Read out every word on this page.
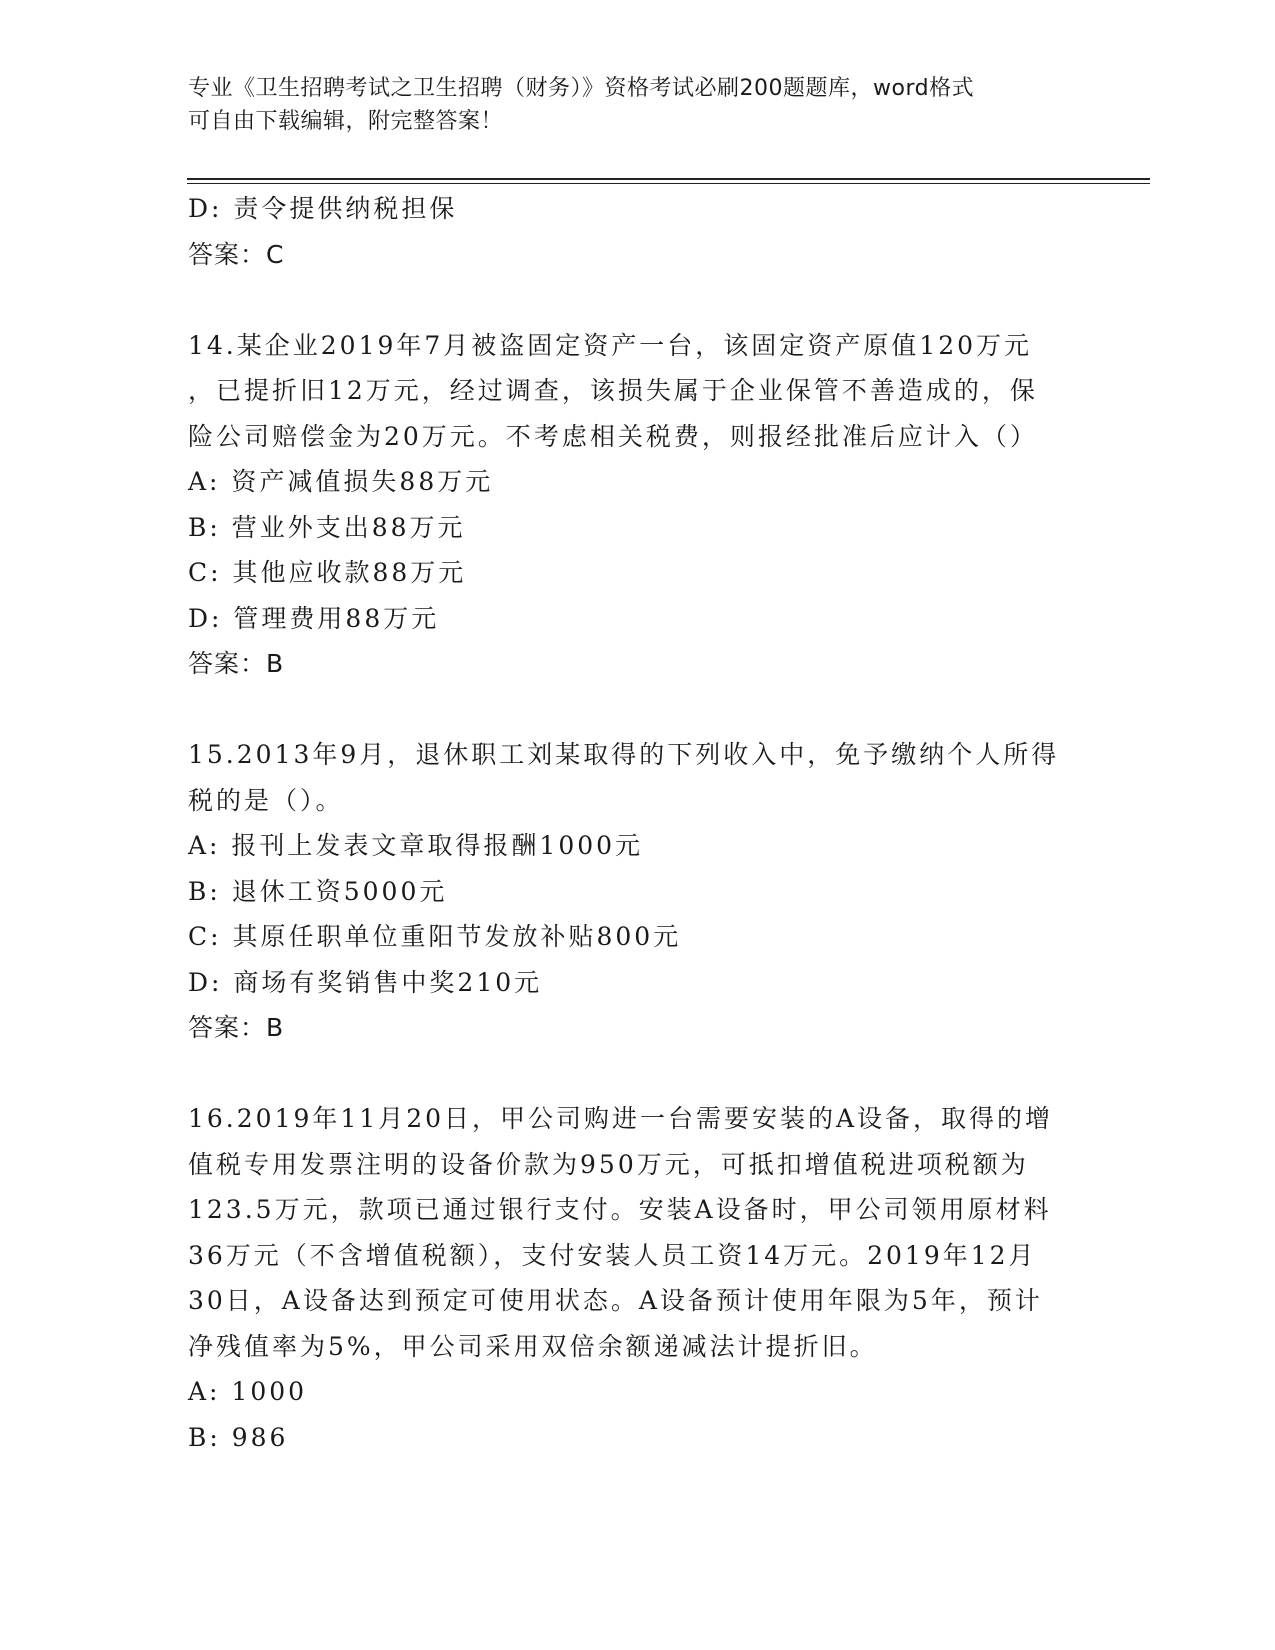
专业《卫生招聘考试之卫生招聘（财务）》资格考试必刷200题题库，word格式
可自由下载编辑，附完整答案！
D: 责令提供纳税担保
答案：C
14.某企业2019年7月被盗固定资产一台，该固定资产原值120万元
，已提折旧12万元，经过调查，该损失属于企业保管不善造成的，保
险公司赔偿金为20万元。不考虑相关税费，则报经批准后应计入（）
A: 资产减值损失88万元
B: 营业外支出88万元
C: 其他应收款88万元
D: 管理费用88万元
答案：B
15.2013年9月，退休职工刘某取得的下列收入中，免予缴纳个人所得
税的是（）。
A: 报刊上发表文章取得报酬1000元
B: 退休工资5000元
C: 其原任职单位重阳节发放补贴800元
D: 商场有奖销售中奖210元
答案：B
16.2019年11月20日，甲公司购进一台需要安装的A设备，取得的增
值税专用发票注明的设备价款为950万元，可抵扣增值税进项税额为
123.5万元，款项已通过银行支付。安装A设备时，甲公司领用原材料
36万元（不含增值税额），支付安装人员工资14万元。2019年12月
30日，A设备达到预定可使用状态。A设备预计使用年限为5年，预计
净残值率为5%，甲公司采用双倍余额递减法计提折旧。
A: 1000
B: 986
